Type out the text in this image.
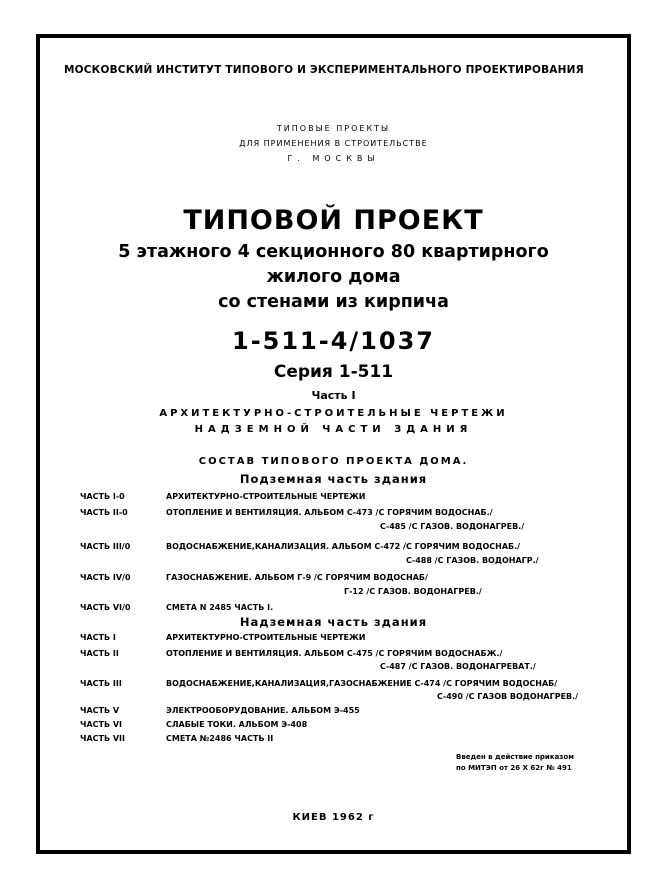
МОСКОВСКИЙ ИНСТИТУТ ТИПОВОГО И ЭКСПЕРИМЕНТАЛЬНОГО ПРОЕКТИРОВАНИЯ
ТИПОВЫЕ ПРОЕКТЫ
ДЛЯ ПРИМЕНЕНИЯ В СТРОИТЕЛЬСТВЕ
Г. МОСКВЫ
ТИПОВОЙ ПРОЕКТ
5 этажного 4 секционного 80 квартирного
жилого дома
со стенами из кирпича
1-511-4/1037
Серия 1-511
Часть I
АРХИТЕКТУРНО-СТРОИТЕЛЬНЫЕ ЧЕРТЕЖИ
НАДЗЕМНОЙ ЧАСТИ ЗДАНИЯ
СОСТАВ ТИПОВОГО ПРОЕКТА ДОМА.
Подземная часть здания
ЧАСТЬ I-0	АРХИТЕКТУРНО-СТРОИТЕЛЬНЫЕ ЧЕРТЕЖИ
ЧАСТЬ II-0	ОТОПЛЕНИЕ И ВЕНТИЛЯЦИЯ. АЛЬБОМ С-473 /С ГОРЯЧИМ ВОДОСНАБ./
С-485 /С ГАЗОВ. ВОДОНАГРЕВ./
ЧАСТЬ III/0	ВОДОСНАБЖЕНИЕ,КАНАЛИЗАЦИЯ. АЛЬБОМ С-472 /С ГОРЯЧИМ ВОДОСНАБ./
С-488 /С ГАЗОВ. ВОДОНАГР./
ЧАСТЬ IV/0	ГАЗОСНАБЖЕНИЕ. АЛЬБОМ Г-9 /С ГОРЯЧИМ ВОДОСНАБ/
Г-12 /С ГАЗОВ. ВОДОНАГРЕВ./
ЧАСТЬ VI/0	СМЕТА N 2485 ЧАСТЬ I.
Надземная часть здания
ЧАСТЬ I	АРХИТЕКТУРНО-СТРОИТЕЛЬНЫЕ ЧЕРТЕЖИ
ЧАСТЬ II	ОТОПЛЕНИЕ И ВЕНТИЛЯЦИЯ. АЛЬБОМ С-475 /С ГОРЯЧИМ ВОДОСНАБЖ./
С-487 /С ГАЗОВ. ВОДОНАГРЕВАТ./
ЧАСТЬ III	ВОДОСНАБЖЕНИЕ,КАНАЛИЗАЦИЯ,ГАЗОСНАБЖЕНИЕ С-474 /С ГОРЯЧИМ ВОДОСНАБ/
С-490 /С ГАЗОВ ВОДОНАГРЕВ./
ЧАСТЬ V	ЭЛЕКТРООБОРУДОВАНИЕ. АЛЬБОМ Э-455
ЧАСТЬ VI	СЛАБЫЕ ТОКИ. АЛЬБОМ Э-408
ЧАСТЬ VII	СМЕТА №2486 ЧАСТЬ II
Введен в действие приказом
по МИТЭП от 26 X 62г № 491
КИЕВ 1962 г
